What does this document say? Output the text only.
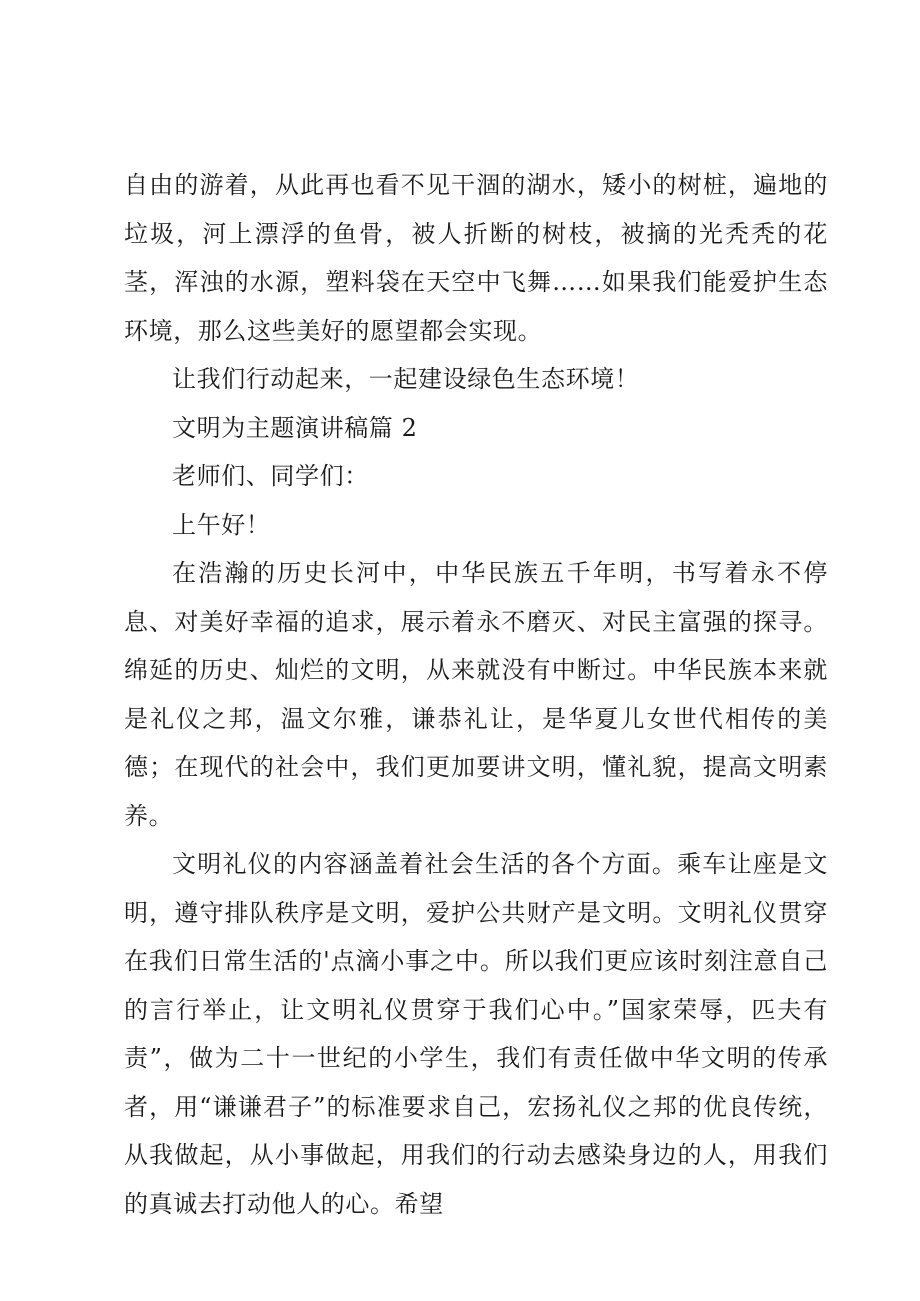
自由的游着，从此再也看不见干涸的湖水，矮小的树桩，遍地的垃圾，河上漂浮的鱼骨，被人折断的树枝，被摘的光秃秃的花茎，浑浊的水源，塑料袋在天空中飞舞……如果我们能爱护生态环境，那么这些美好的愿望都会实现。

让我们行动起来，一起建设绿色生态环境！

文明为主题演讲稿篇 2

老师们、同学们：

上午好！

在浩瀚的历史长河中，中华民族五千年明，书写着永不停息、对美好幸福的追求，展示着永不磨灭、对民主富强的探寻。绵延的历史、灿烂的文明，从来就没有中断过。中华民族本来就是礼仪之邦，温文尔雅，谦恭礼让，是华夏儿女世代相传的美德；在现代的社会中，我们更加要讲文明，懂礼貌，提高文明素养。

文明礼仪的内容涵盖着社会生活的各个方面。乘车让座是文明，遵守排队秩序是文明，爱护公共财产是文明。文明礼仪贯穿在我们日常生活的'点滴小事之中。所以我们更应该时刻注意自己的言行举止，让文明礼仪贯穿于我们心中。”国家荣辱，匹夫有责”，做为二十一世纪的小学生，我们有责任做中华文明的传承者，用“谦谦君子”的标准要求自己，宏扬礼仪之邦的优良传统，从我做起，从小事做起，用我们的行动去感染身边的人，用我们的真诚去打动他人的心。希望
